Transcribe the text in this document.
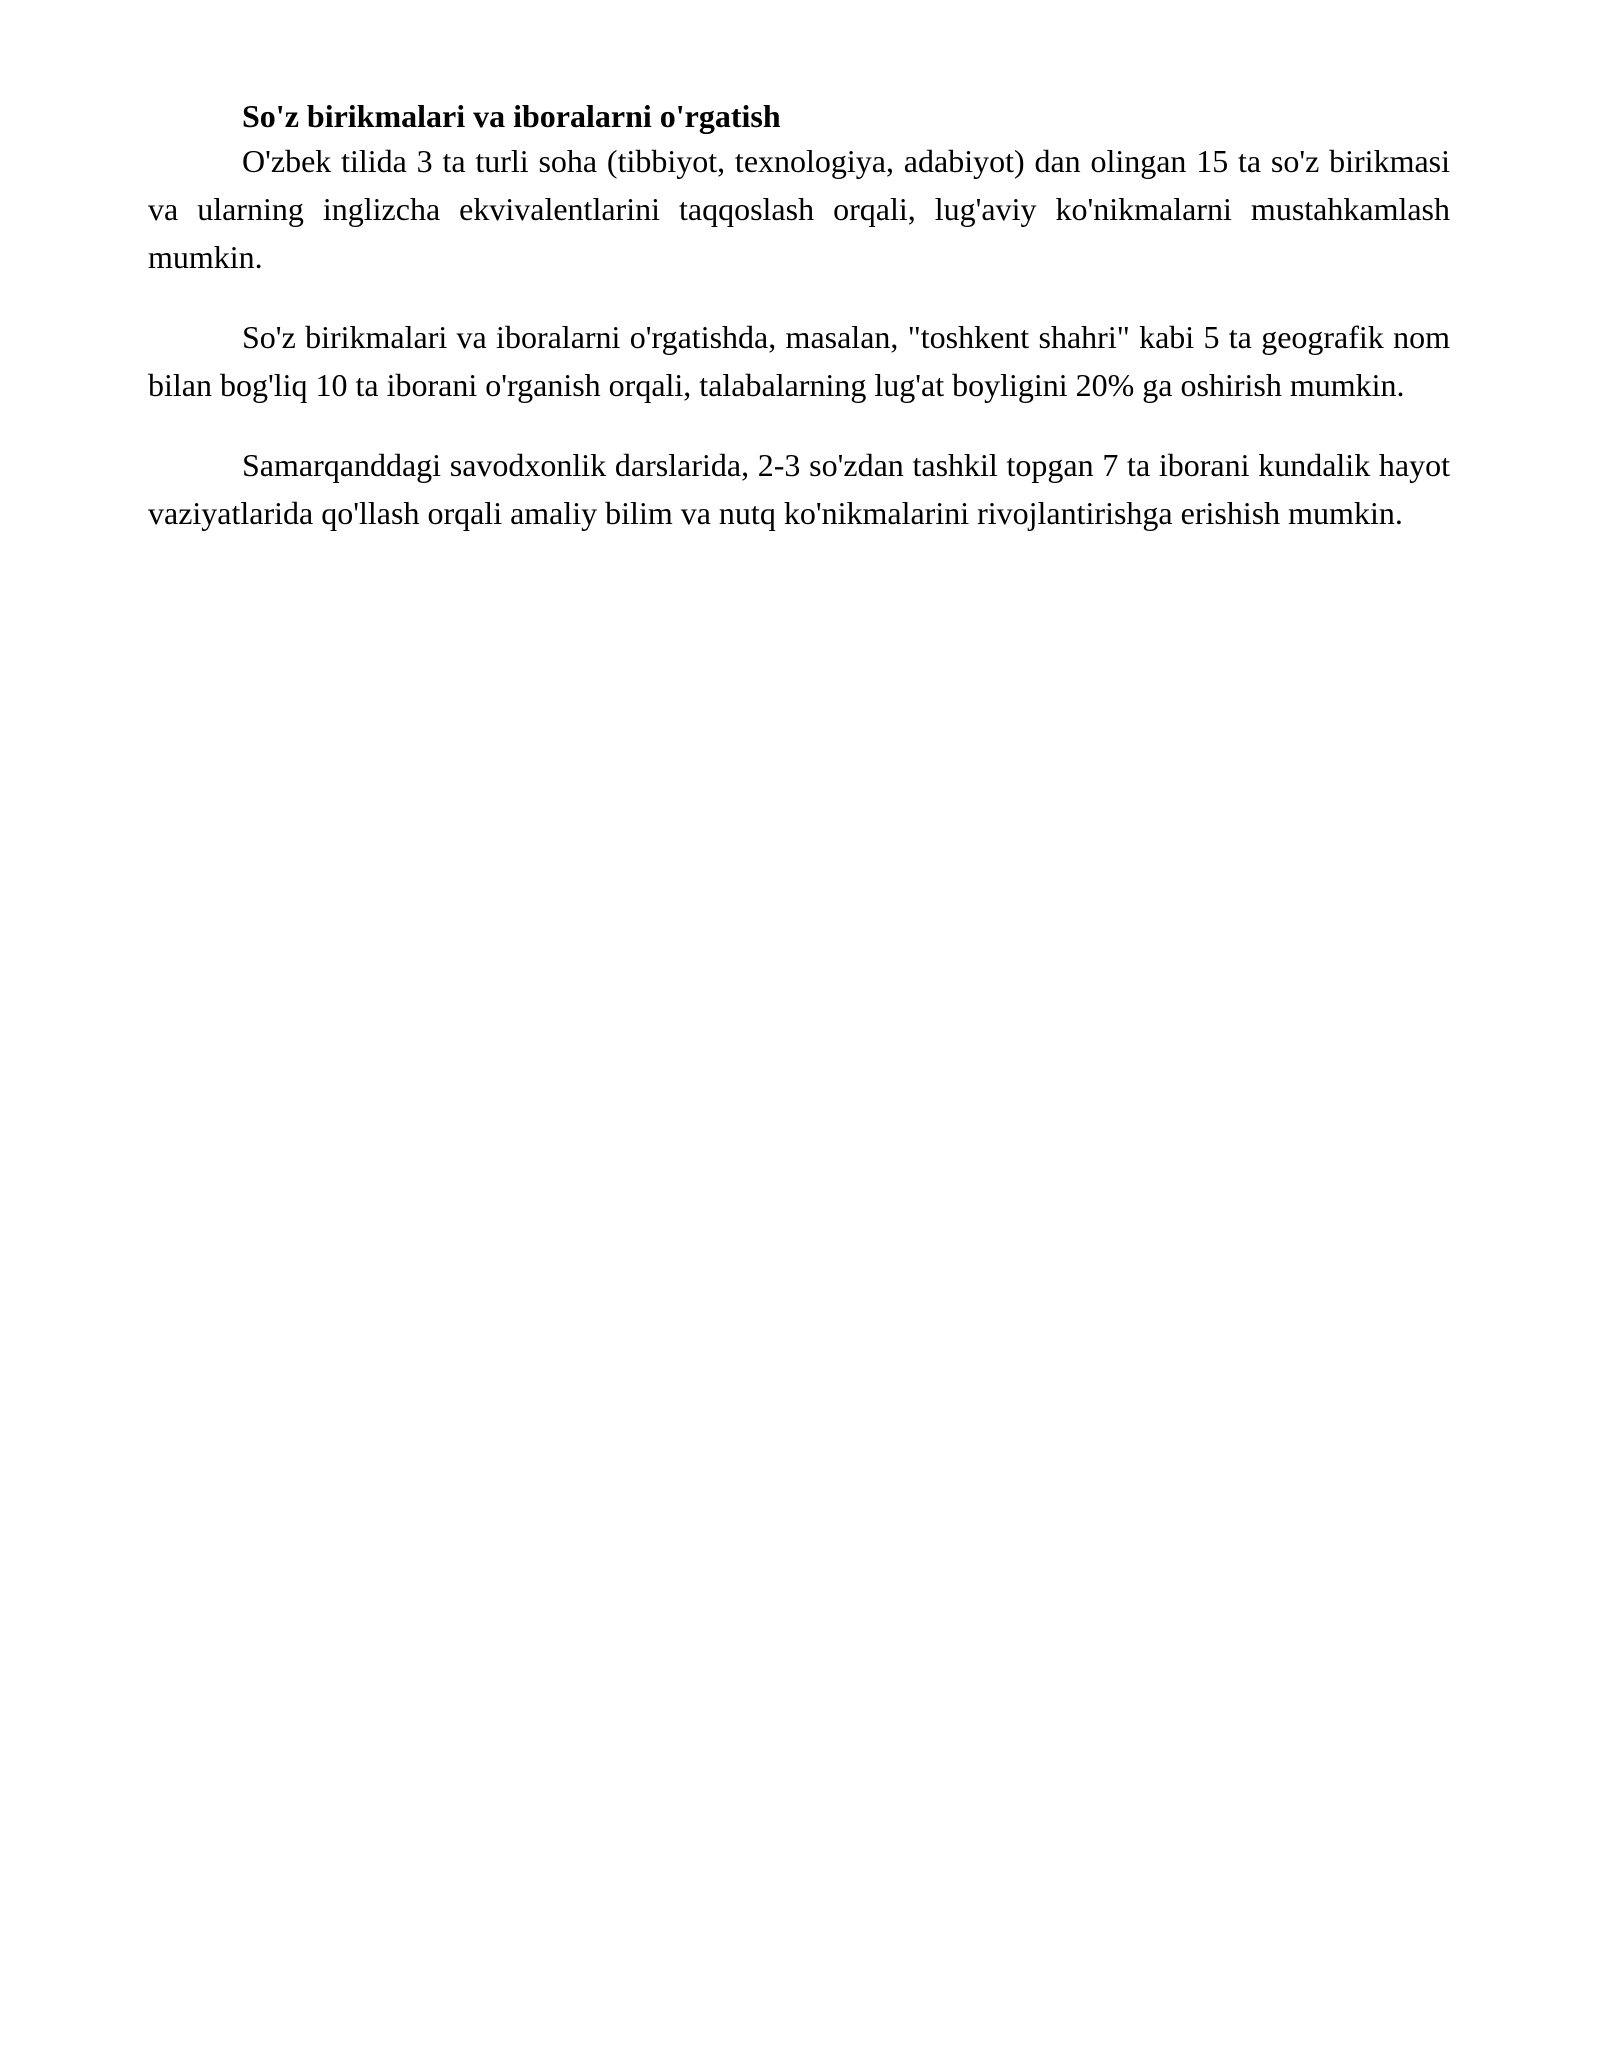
So'z birikmalari va iboralarni o'rgatish

O'zbek tilida 3 ta turli soha (tibbiyot, texnologiya, adabiyot) dan olingan 15 ta so'z birikmasi va ularning inglizcha ekvivalentlarini taqqoslash orqali, lug'aviy ko'nikmalarni mustahkamlash mumkin.

So'z birikmalari va iboralarni o'rgatishda, masalan, "toshkent shahri" kabi 5 ta geografik nom bilan bog'liq 10 ta iborani o'rganish orqali, talabalarning lug'at boyligini 20% ga oshirish mumkin.

Samarqanddagi savodxonlik darslarida, 2-3 so'zdan tashkil topgan 7 ta iborani kundalik hayot vaziyatlarida qo'llash orqali amaliy bilim va nutq ko'nikmalarini rivojlantirishga erishish mumkin.
